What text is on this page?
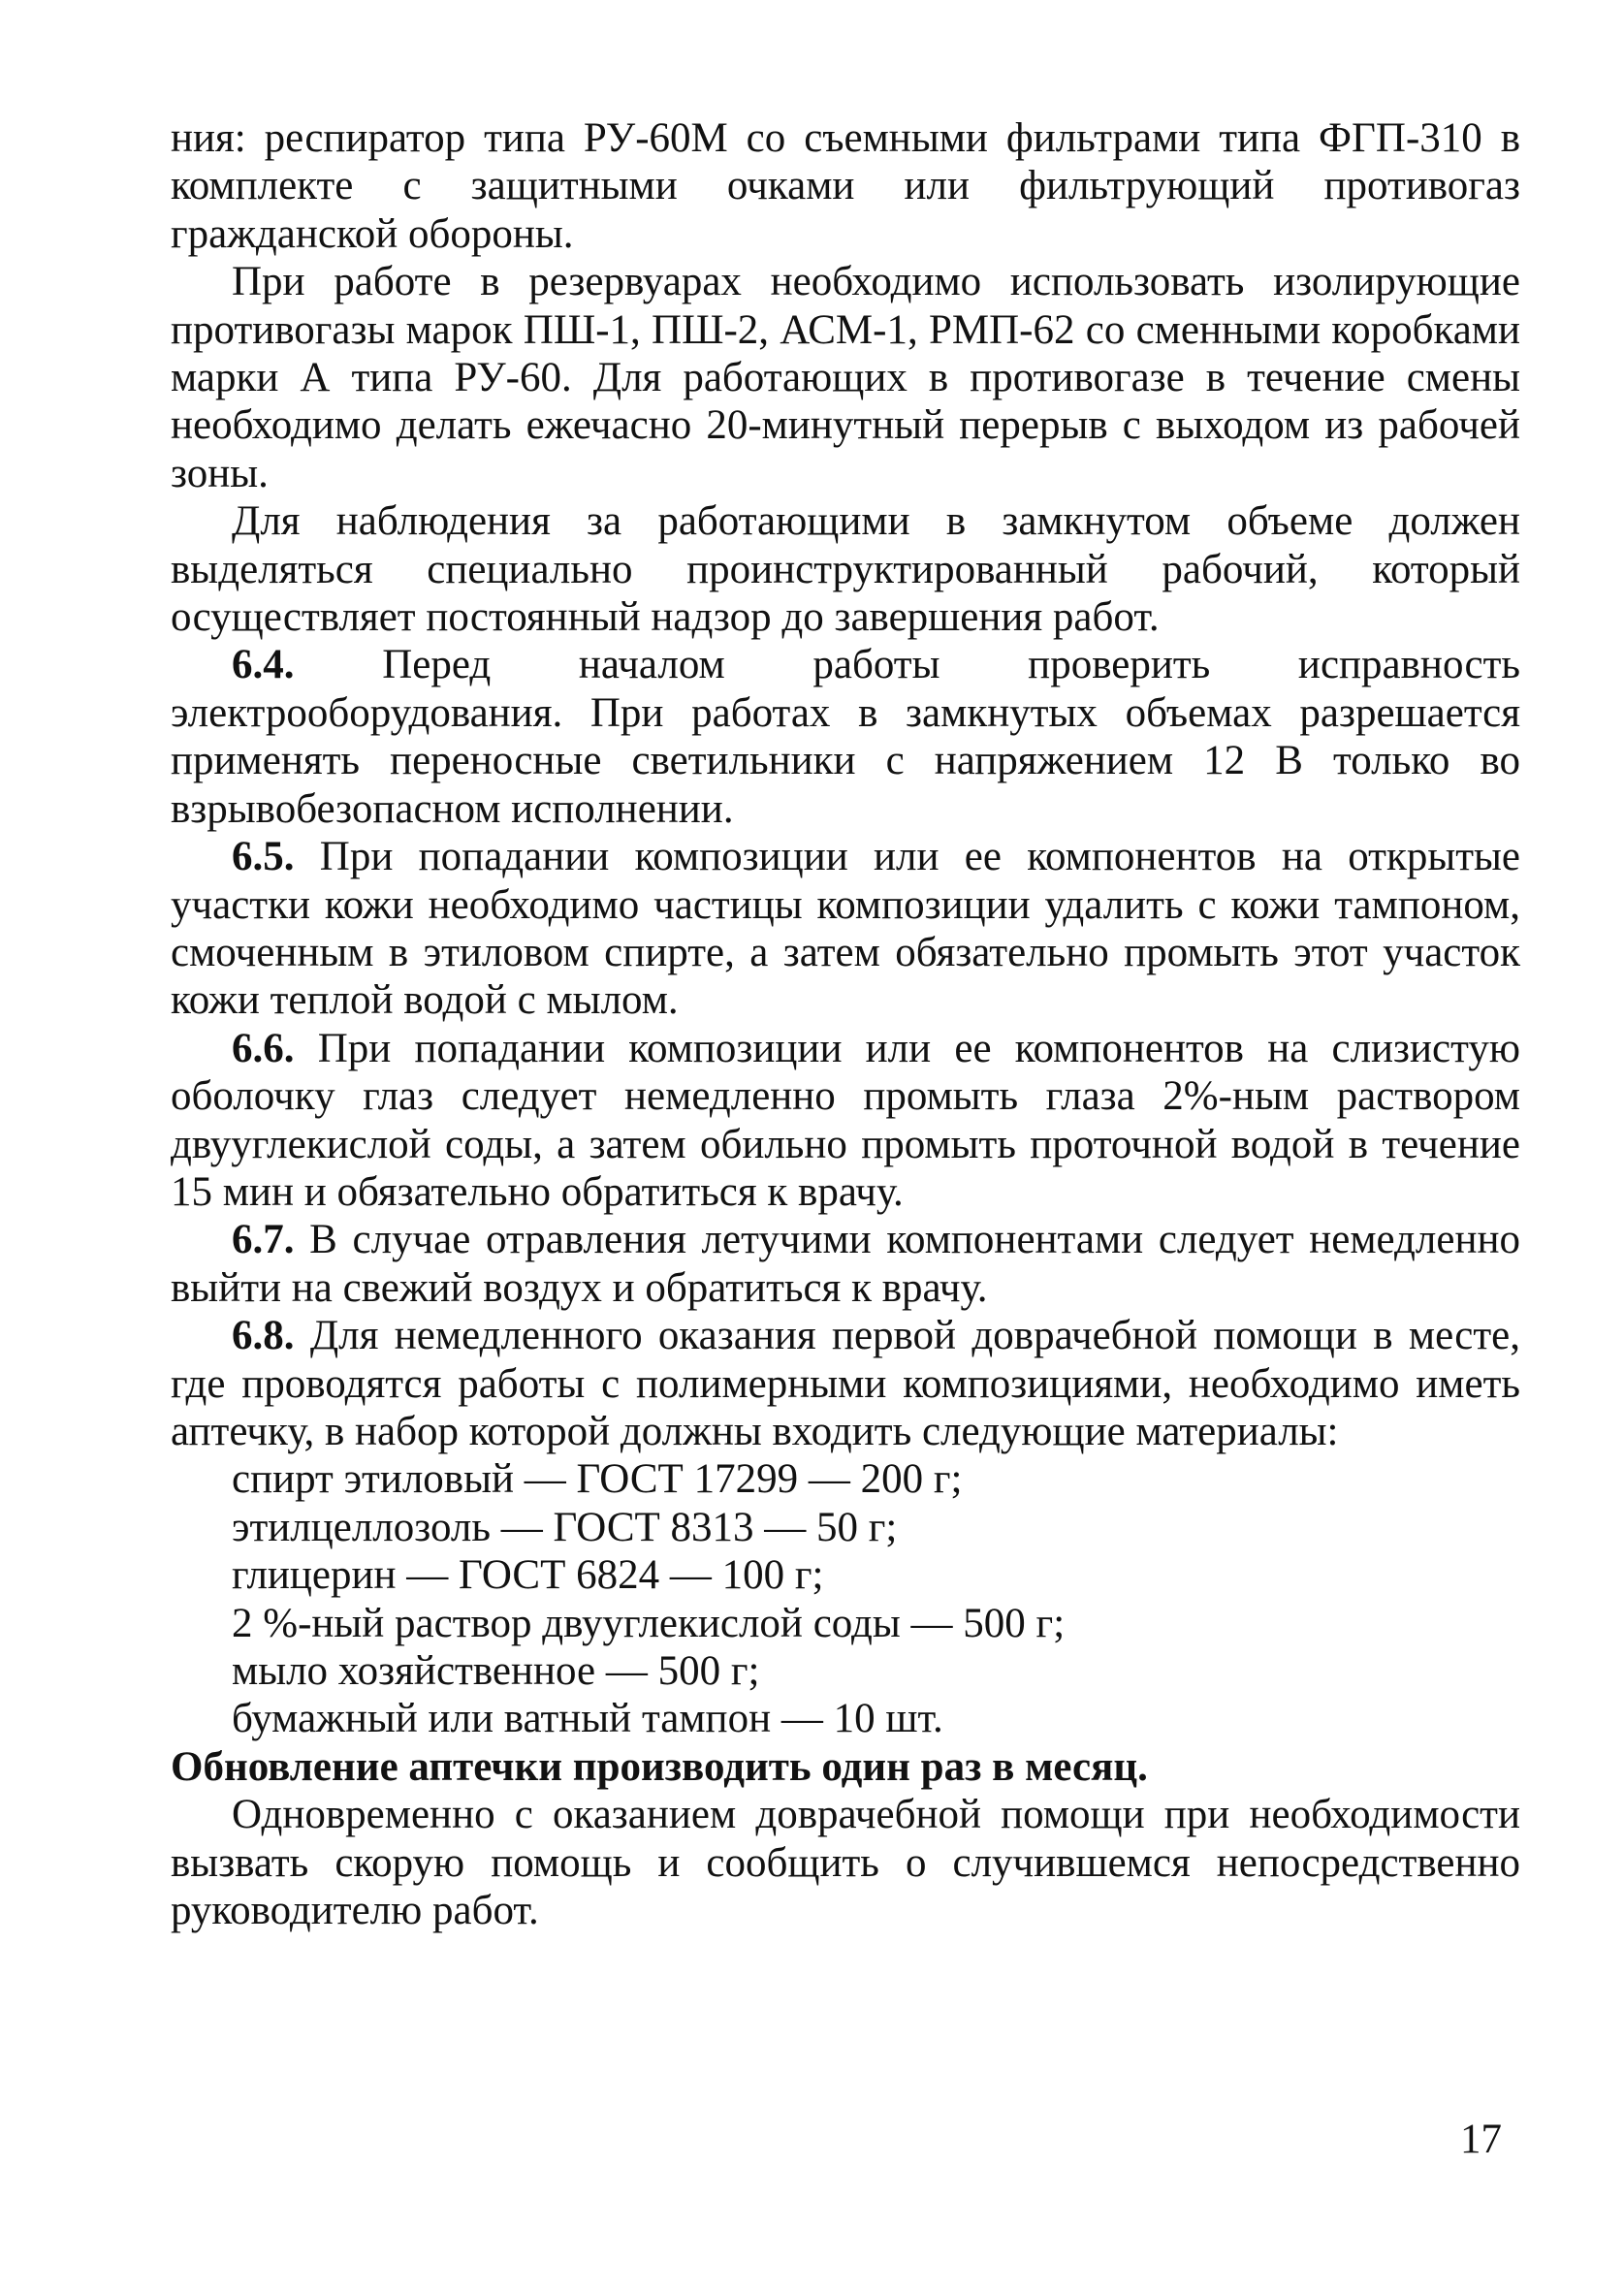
ния: респиратор типа РУ-60М со съемными фильтрами типа ФГП-310 в комплекте с защитными очками или фильтрующий противогаз гражданской обороны.

При работе в резервуарах необходимо использовать изолирующие противогазы марок ПШ-1, ПШ-2, АСМ-1, РМП-62 со сменными коробками марки А типа РУ-60. Для работающих в противогазе в течение смены необходимо делать ежечасно 20-минутный перерыв с выходом из рабочей зоны.

Для наблюдения за работающими в замкнутом объеме должен выделяться специально проинструктированный рабочий, который осуществляет постоянный надзор до завершения работ.

6.4. Перед началом работы проверить исправность электрооборудования. При работах в замкнутых объемах разрешается применять переносные светильники с напряжением 12 В только во взрывобезопасном исполнении.

6.5. При попадании композиции или ее компонентов на открытые участки кожи необходимо частицы композиции удалить с кожи тампоном, смоченным в этиловом спирте, а затем обязательно промыть этот участок кожи теплой водой с мылом.

6.6. При попадании композиции или ее компонентов на слизистую оболочку глаз следует немедленно промыть глаза 2%-ным раствором двууглекислой соды, а затем обильно промыть проточной водой в течение 15 мин и обязательно обратиться к врачу.

6.7. В случае отравления летучими компонентами следует немедленно выйти на свежий воздух и обратиться к врачу.

6.8. Для немедленного оказания первой доврачебной помощи в месте, где проводятся работы с полимерными композициями, необходимо иметь аптечку, в набор которой должны входить следующие материалы:

спирт этиловый — ГОСТ 17299 — 200 г;
этилцеллозоль — ГОСТ 8313 — 50 г;
глицерин — ГОСТ 6824 — 100 г;
2 %-ный раствор двууглекислой соды — 500 г;
мыло хозяйственное — 500 г;
бумажный или ватный тампон — 10 шт.

Обновление аптечки производить один раз в месяц.

Одновременно с оказанием доврачебной помощи при необходимости вызвать скорую помощь и сообщить о случившемся непосредственно руководителю работ.

17
